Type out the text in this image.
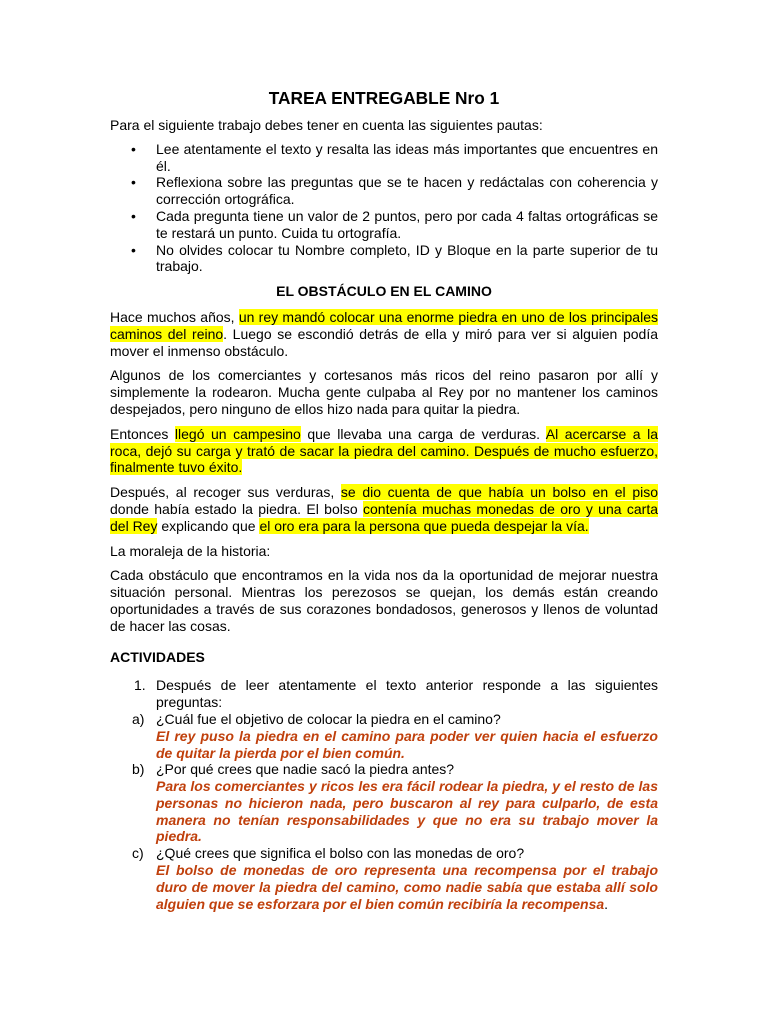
TAREA ENTREGABLE Nro 1

Para el siguiente trabajo debes tener en cuenta las siguientes pautas:

• Lee atentamente el texto y resalta las ideas más importantes que encuentres en él.
• Reflexiona sobre las preguntas que se te hacen y redáctalas con coherencia y corrección ortográfica.
• Cada pregunta tiene un valor de 2 puntos, pero por cada 4 faltas ortográficas se te restará un punto. Cuida tu ortografía.
• No olvides colocar tu Nombre completo, ID y Bloque en la parte superior de tu trabajo.
EL OBSTÁCULO EN EL CAMINO

Hace muchos años, un rey mandó colocar una enorme piedra en uno de los principales caminos del reino. Luego se escondió detrás de ella y miró para ver si alguien podía mover el inmenso obstáculo.

Algunos de los comerciantes y cortesanos más ricos del reino pasaron por allí y simplemente la rodearon. Mucha gente culpaba al Rey por no mantener los caminos despejados, pero ninguno de ellos hizo nada para quitar la piedra.

Entonces llegó un campesino que llevaba una carga de verduras. Al acercarse a la roca, dejó su carga y trató de sacar la piedra del camino. Después de mucho esfuerzo, finalmente tuvo éxito.

Después, al recoger sus verduras, se dio cuenta de que había un bolso en el piso donde había estado la piedra. El bolso contenía muchas monedas de oro y una carta del Rey explicando que el oro era para la persona que pueda despejar la vía.

La moraleja de la historia:

Cada obstáculo que encontramos en la vida nos da la oportunidad de mejorar nuestra situación personal. Mientras los perezosos se quejan, los demás están creando oportunidades a través de sus corazones bondadosos, generosos y llenos de voluntad de hacer las cosas.

ACTIVIDADES
1. Después de leer atentamente el texto anterior responde a las siguientes preguntas:
a) ¿Cuál fue el objetivo de colocar la piedra en el camino?
El rey puso la piedra en el camino para poder ver quien hacia el esfuerzo de quitar la pierda por el bien común.
b) ¿Por qué crees que nadie sacó la piedra antes?
Para los comerciantes y ricos les era fácil rodear la piedra, y el resto de las personas no hicieron nada, pero buscaron al rey para culparlo, de esta manera no tenían responsabilidades y que no era su trabajo mover la piedra.
c) ¿Qué crees que significa el bolso con las monedas de oro?
El bolso de monedas de oro representa una recompensa por el trabajo duro de mover la piedra del camino, como nadie sabía que estaba allí solo alguien que se esforzara por el bien común recibiría la recompensa.
